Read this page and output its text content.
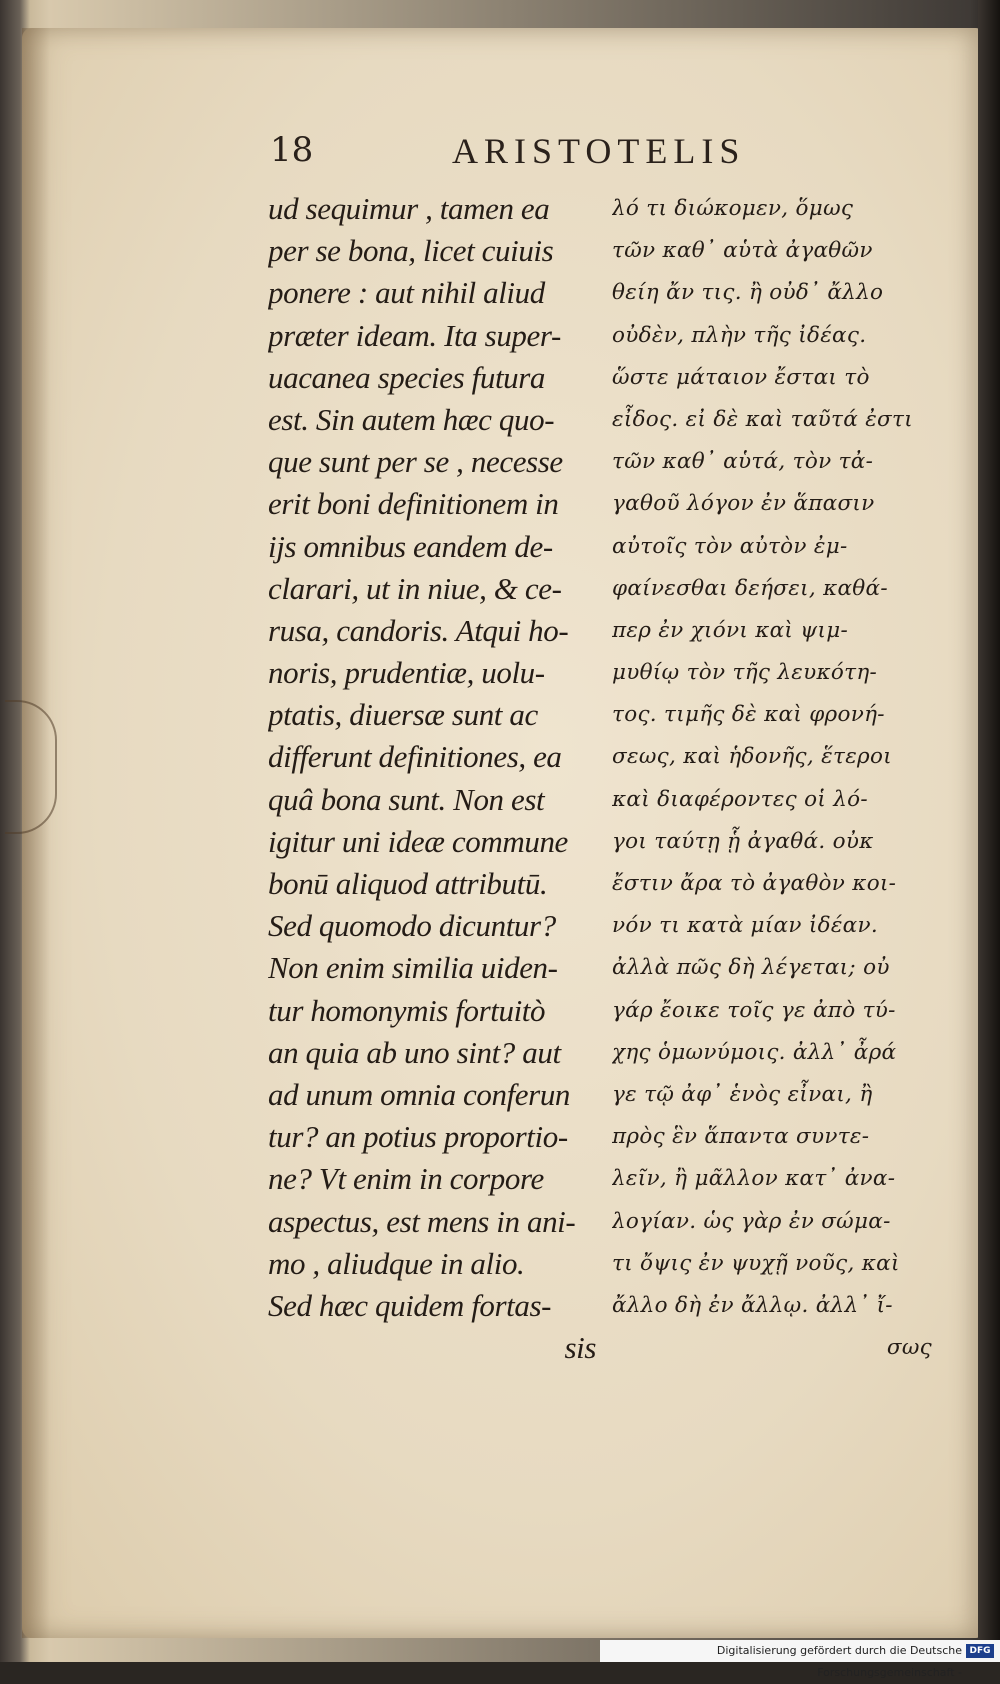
18	ARISTOTELIS
ud sequimur , tamen ea
per se bona, licet cuiuis
ponere : aut nihil aliud
præter ideam. Ita super-
uacanea species futura
est. Sin autem hæc quo-
que sunt per se , necesse
erit boni definitionem in
ijs omnibus eandem de-
clarari, ut in niue, & ce-
rusa, candoris. Atqui ho-
noris, prudentiæ, uolu-
ptatis, diuersæ sunt ac
differunt definitiones, ea
quâ bona sunt. Non est
igitur uni ideæ commune
bonū aliquod attributū.
Sed quomodo dicuntur?
Non enim similia uiden-
tur homonymis fortuitò
an quia ab uno sint? aut
ad unum omnia conferun
tur? an potius proportio-
ne? Vt enim in corpore
aspectus, est mens in ani-
mo , aliudque in alio.
Sed hæc quidem fortas-
sis
λό τι διώκομεν, ὅμως
τῶν καθ᾽ αὑτὰ ἀγαθῶν
θείη ἄν τις. ἢ οὐδ᾽ ἄλλο
οὐδὲν, πλὴν τῆς ἰδέας.
ὥστε μάταιον ἔσται τὸ
εἶδος. εἰ δὲ καὶ ταῦτά ἐστι
τῶν καθ᾽ αὑτά, τὸν τἀ-
γαθοῦ λόγον ἐν ἅπασιν
αὐτοῖς τὸν αὐτὸν ἐμ-
φαίνεσθαι δεήσει, καθά-
περ ἐν χιόνι καὶ ψιμ-
μυθίῳ τὸν τῆς λευκότη-
τος. τιμῆς δὲ καὶ φρονή-
σεως, καὶ ἡδονῆς, ἕτεροι
καὶ διαφέροντες οἱ λό-
γοι ταύτῃ ᾗ ἀγαθά. οὐκ
ἔστιν ἄρα τὸ ἀγαθὸν κοι-
νόν τι κατὰ μίαν ἰδέαν.
ἀλλὰ πῶς δὴ λέγεται; οὐ
γάρ ἔοικε τοῖς γε ἀπὸ τύ-
χης ὁμωνύμοις. ἀλλ᾽ ἆρά
γε τῷ ἀφ᾽ ἑνὸς εἶναι, ἢ
πρὸς ἓν ἅπαντα συντε-
λεῖν, ἢ μᾶλλον κατ᾽ ἀνα-
λογίαν. ὡς γὰρ ἐν σώμα-
τι ὄψις ἐν ψυχῇ νοῦς, καὶ
ἄλλο δὴ ἐν ἄλλῳ. ἀλλ᾽ ἴ-
σως
Digitalisierung gefördert durch die Deutsche Forschungsgemeinschaft -
DFG
